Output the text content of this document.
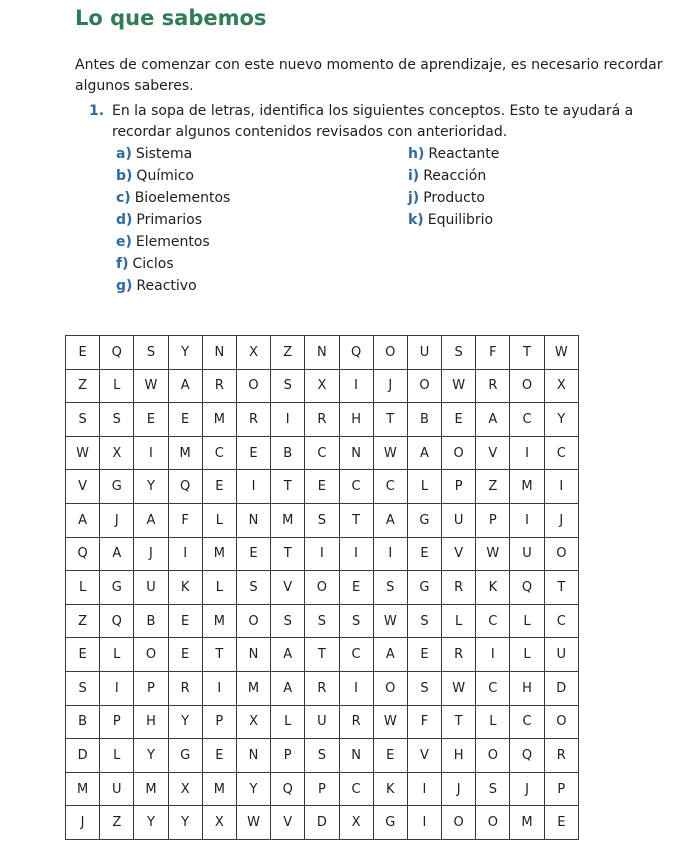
Lo que sabemos

Antes de comenzar con este nuevo momento de aprendizaje, es necesario recordar algunos saberes.

1. En la sopa de letras, identifica los siguientes conceptos. Esto te ayudará a recordar algunos contenidos revisados con anterioridad.
a) Sistema
b) Químico
c) Bioelementos
d) Primarios
e) Elementos
f) Ciclos
g) Reactivo
h) Reactante
i) Reacción
j) Producto
k) Equilibrio
E	Q	S	Y	N	X	Z	N	Q	O	U	S	F	T	W
Z	L	W	A	R	O	S	X	I	J	O	W	R	O	X
S	S	E	E	M	R	I	R	H	T	B	E	A	C	Y
W	X	I	M	C	E	B	C	N	W	A	O	V	I	C
V	G	Y	Q	E	I	T	E	C	C	L	P	Z	M	I
A	J	A	F	L	N	M	S	T	A	G	U	P	I	J
Q	A	J	I	M	E	T	I	I	I	E	V	W	U	O
L	G	U	K	L	S	V	O	E	S	G	R	K	Q	T
Z	Q	B	E	M	O	S	S	S	W	S	L	C	L	C
E	L	O	E	T	N	A	T	C	A	E	R	I	L	U
S	I	P	R	I	M	A	R	I	O	S	W	C	H	D
B	P	H	Y	P	X	L	U	R	W	F	T	L	C	O
D	L	Y	G	E	N	P	S	N	E	V	H	O	Q	R
M	U	M	X	M	Y	Q	P	C	K	I	J	S	J	P
J	Z	Y	Y	X	W	V	D	X	G	I	O	O	M	E
